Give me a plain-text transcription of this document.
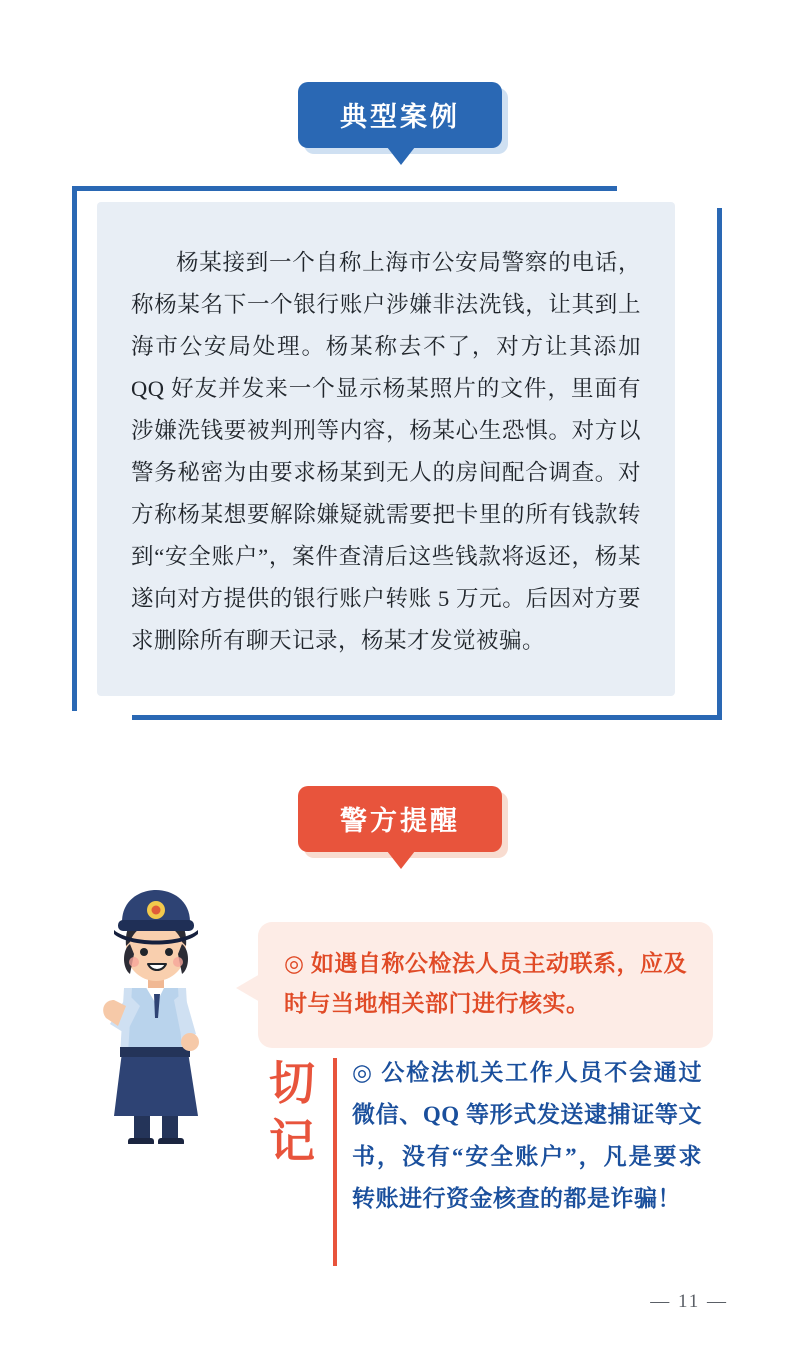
典型案例
杨某接到一个自称上海市公安局警察的电话，称杨某名下一个银行账户涉嫌非法洗钱，让其到上海市公安局处理。杨某称去不了，对方让其添加 QQ 好友并发来一个显示杨某照片的文件，里面有涉嫌洗钱要被判刑等内容，杨某心生恐惧。对方以警务秘密为由要求杨某到无人的房间配合调查。对方称杨某想要解除嫌疑就需要把卡里的所有钱款转到“安全账户”，案件查清后这些钱款将返还，杨某遂向对方提供的银行账户转账 5 万元。后因对方要求删除所有聊天记录，杨某才发觉被骗。
警方提醒
◎ 如遇自称公检法人员主动联系，应及时与当地相关部门进行核实。
切
记
◎ 公检法机关工作人员不会通过微信、QQ 等形式发送逮捕证等文书，没有“安全账户”，凡是要求转账进行资金核查的都是诈骗！
— 11 —
